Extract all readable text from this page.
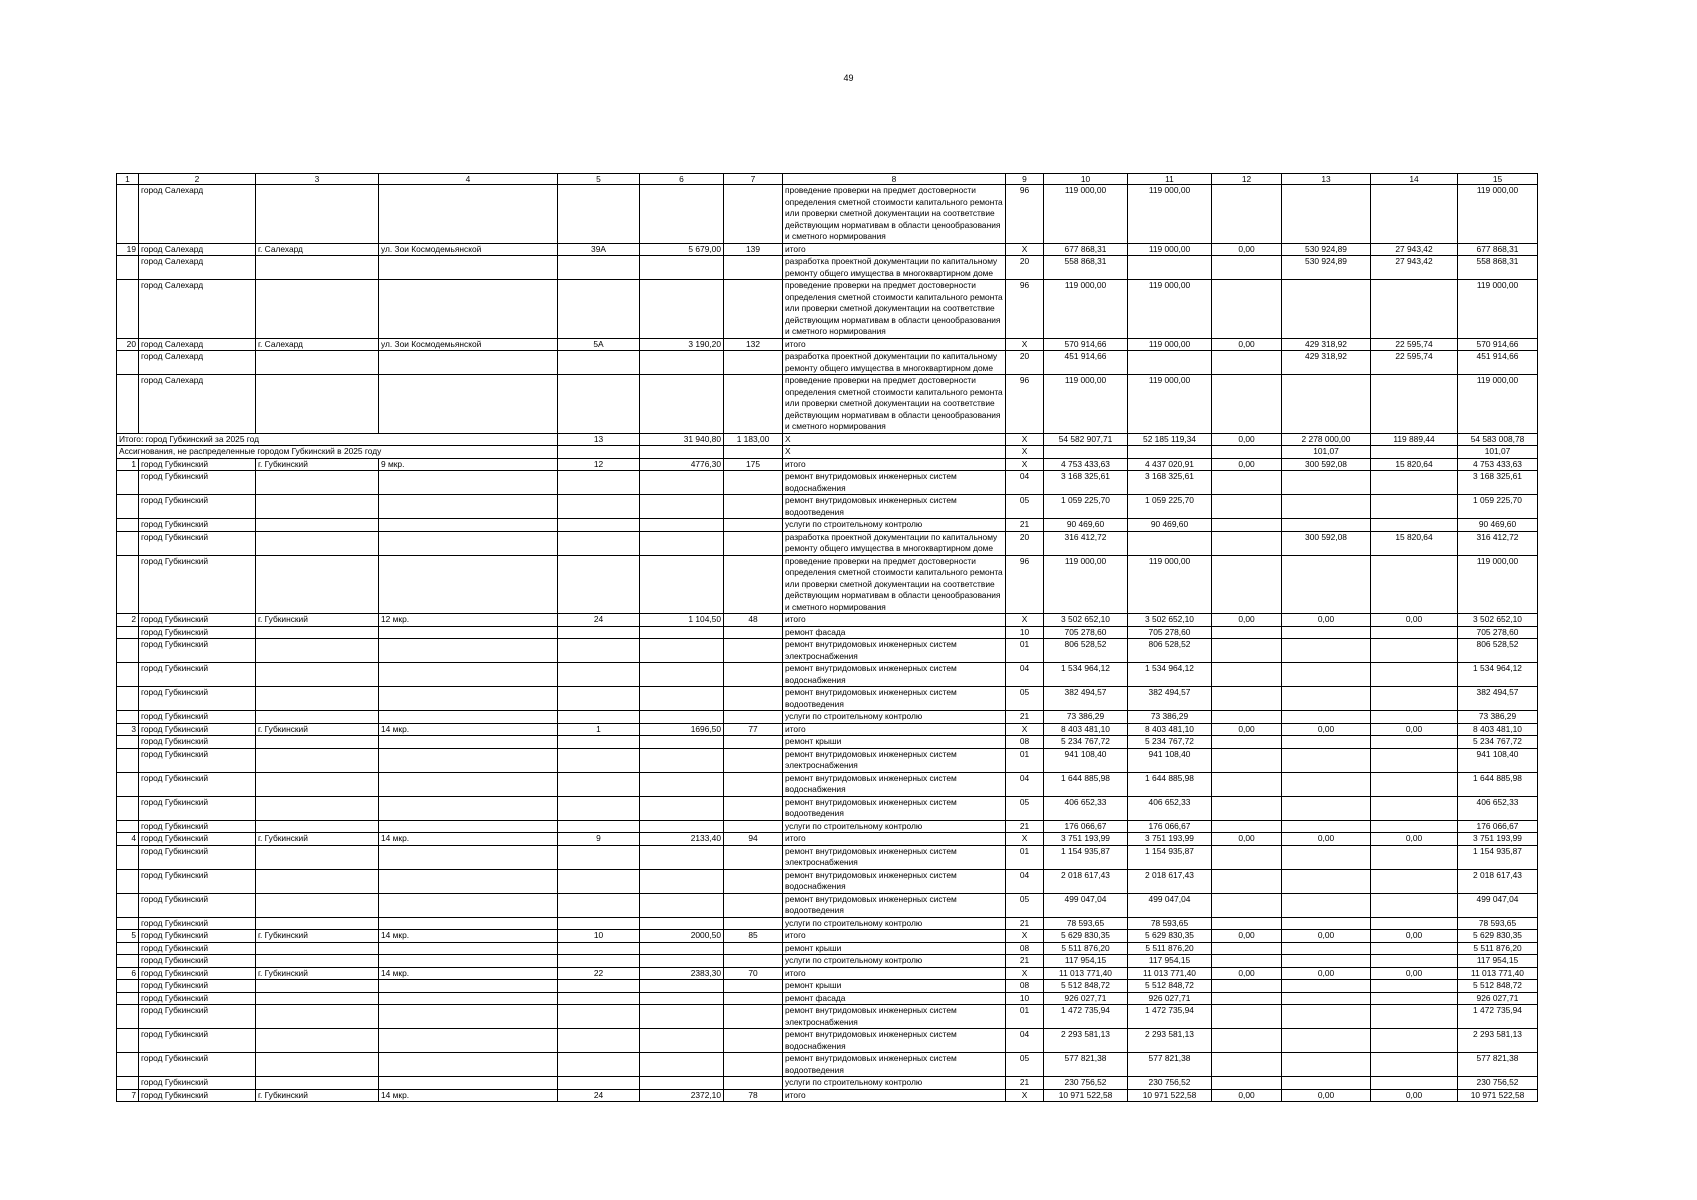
49
1	2	3	4	5	6	7	8	9	10	11	12	13	14	15
	город Салехард						проведение проверки на предмет достоверности определения сметной стоимости капитального ремонта или проверки сметной документации на соответствие действующим нормативам в области ценообразования и сметного нормирования	96	119 000,00	119 000,00				119 000,00
19	город Салехард	г. Салехард	ул. Зои Космодемьянской	39А	5 679,00	139	итого	X	677 868,31	119 000,00	0,00	530 924,89	27 943,42	677 868,31
	город Салехард						разработка проектной документации по капитальному ремонту общего имущества в многоквартирном доме	20	558 868,31			530 924,89	27 943,42	558 868,31
	город Салехард						проведение проверки на предмет достоверности определения сметной стоимости капитального ремонта или проверки сметной документации на соответствие действующим нормативам в области ценообразования и сметного нормирования	96	119 000,00	119 000,00				119 000,00
20	город Салехард	г. Салехард	ул. Зои Космодемьянской	5А	3 190,20	132	итого	X	570 914,66	119 000,00	0,00	429 318,92	22 595,74	570 914,66
	город Салехард						разработка проектной документации по капитальному ремонту общего имущества в многоквартирном доме	20	451 914,66			429 318,92	22 595,74	451 914,66
	город Салехард						проведение проверки на предмет достоверности определения сметной стоимости капитального ремонта или проверки сметной документации на соответствие действующим нормативам в области ценообразования и сметного нормирования	96	119 000,00	119 000,00				119 000,00
Итого: город Губкинский за 2025 год				13	31 940,80	1 183,00	X	X	54 582 907,71	52 185 119,34	0,00	2 278 000,00	119 889,44	54 583 008,78
Ассигнования, не распределенные городом Губкинский в 2025 году							X	X				101,07		101,07
1	город Губкинский	г. Губкинский	9 мкр.	12	4776,30	175	итого	X	4 753 433,63	4 437 020,91	0,00	300 592,08	15 820,64	4 753 433,63
	город Губкинский						ремонт внутридомовых инженерных систем водоснабжения	04	3 168 325,61	3 168 325,61				3 168 325,61
	город Губкинский						ремонт внутридомовых инженерных систем водоотведения	05	1 059 225,70	1 059 225,70				1 059 225,70
	город Губкинский						услуги по строительному контролю	21	90 469,60	90 469,60				90 469,60
	город Губкинский						разработка проектной документации по капитальному ремонту общего имущества в многоквартирном доме	20	316 412,72			300 592,08	15 820,64	316 412,72
	город Губкинский						проведение проверки на предмет достоверности определения сметной стоимости капитального ремонта или проверки сметной документации на соответствие действующим нормативам в области ценообразования и сметного нормирования	96	119 000,00	119 000,00				119 000,00
2	город Губкинский	г. Губкинский	12 мкр.	24	1 104,50	48	итого	X	3 502 652,10	3 502 652,10	0,00	0,00	0,00	3 502 652,10
	город Губкинский						ремонт фасада	10	705 278,60	705 278,60				705 278,60
	город Губкинский						ремонт внутридомовых инженерных систем электроснабжения	01	806 528,52	806 528,52				806 528,52
	город Губкинский						ремонт внутридомовых инженерных систем водоснабжения	04	1 534 964,12	1 534 964,12				1 534 964,12
	город Губкинский						ремонт внутридомовых инженерных систем водоотведения	05	382 494,57	382 494,57				382 494,57
	город Губкинский						услуги по строительному контролю	21	73 386,29	73 386,29				73 386,29
3	город Губкинский	г. Губкинский	14 мкр.	1	1696,50	77	итого	X	8 403 481,10	8 403 481,10	0,00	0,00	0,00	8 403 481,10
	город Губкинский						ремонт крыши	08	5 234 767,72	5 234 767,72				5 234 767,72
	город Губкинский						ремонт внутридомовых инженерных систем электроснабжения	01	941 108,40	941 108,40				941 108,40
	город Губкинский						ремонт внутридомовых инженерных систем водоснабжения	04	1 644 885,98	1 644 885,98				1 644 885,98
	город Губкинский						ремонт внутридомовых инженерных систем водоотведения	05	406 652,33	406 652,33				406 652,33
	город Губкинский						услуги по строительному контролю	21	176 066,67	176 066,67				176 066,67
4	город Губкинский	г. Губкинский	14 мкр.	9	2133,40	94	итого	X	3 751 193,99	3 751 193,99	0,00	0,00	0,00	3 751 193,99
	город Губкинский						ремонт внутридомовых инженерных систем электроснабжения	01	1 154 935,87	1 154 935,87				1 154 935,87
	город Губкинский						ремонт внутридомовых инженерных систем водоснабжения	04	2 018 617,43	2 018 617,43				2 018 617,43
	город Губкинский						ремонт внутридомовых инженерных систем водоотведения	05	499 047,04	499 047,04				499 047,04
	город Губкинский						услуги по строительному контролю	21	78 593,65	78 593,65				78 593,65
5	город Губкинский	г. Губкинский	14 мкр.	10	2000,50	85	итого	X	5 629 830,35	5 629 830,35	0,00	0,00	0,00	5 629 830,35
	город Губкинский						ремонт крыши	08	5 511 876,20	5 511 876,20				5 511 876,20
	город Губкинский						услуги по строительному контролю	21	117 954,15	117 954,15				117 954,15
6	город Губкинский	г. Губкинский	14 мкр.	22	2383,30	70	итого	X	11 013 771,40	11 013 771,40	0,00	0,00	0,00	11 013 771,40
	город Губкинский						ремонт крыши	08	5 512 848,72	5 512 848,72				5 512 848,72
	город Губкинский						ремонт фасада	10	926 027,71	926 027,71				926 027,71
	город Губкинский						ремонт внутридомовых инженерных систем электроснабжения	01	1 472 735,94	1 472 735,94				1 472 735,94
	город Губкинский						ремонт внутридомовых инженерных систем водоснабжения	04	2 293 581,13	2 293 581,13				2 293 581,13
	город Губкинский						ремонт внутридомовых инженерных систем водоотведения	05	577 821,38	577 821,38				577 821,38
	город Губкинский						услуги по строительному контролю	21	230 756,52	230 756,52				230 756,52
7	город Губкинский	г. Губкинский	14 мкр.	24	2372,10	78	итого	X	10 971 522,58	10 971 522,58	0,00	0,00	0,00	10 971 522,58
